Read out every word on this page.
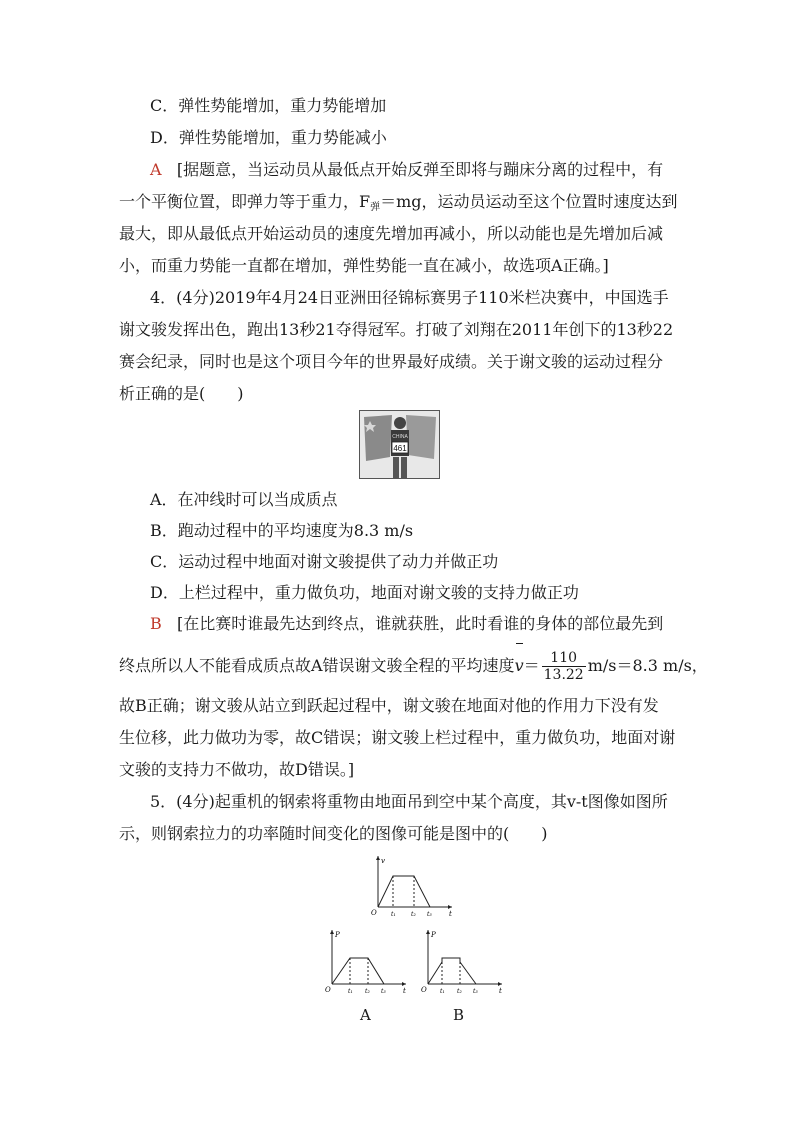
C．弹性势能增加，重力势能增加
D．弹性势能增加，重力势能减小
A [据题意，当运动员从最低点开始反弹至即将与蹦床分离的过程中，有
一个平衡位置，即弹力等于重力，$F_弹=mg$，运动员运动至这个位置时速度达到
最大，即从最低点开始运动员的速度先增加再减小，所以动能也是先增加后减
小，而重力势能一直都在增加，弹性势能一直在减小，故选项A正确。]
4．(4分)2019年4月24日亚洲田径锦标赛男子110米栏决赛中，中国选手
谢文骏发挥出色，跑出13秒21夺得冠军。打破了刘翔在2011年创下的13秒22
赛会纪录，同时也是这个项目今年的世界最好成绩。关于谢文骏的运动过程分
析正确的是(　　)
461
CHINA
A．在冲线时可以当成质点
B．跑动过程中的平均速度为8.3 m/s
C．运动过程中地面对谢文骏提供了动力并做正功
D．上栏过程中，重力做负功，地面对谢文骏的支持力做正功
B [在比赛时谁最先达到终点，谁就获胜，此时看谁的身体的部位最先到
终点所以人不能看成质点故A错误谢文骏全程的平均速度$v= \frac{110}{13.22} m/s=8.3$ m/s，
故B正确；谢文骏从站立到跃起过程中，谢文骏在地面对他的作用力下没有发
生位移，此力做功为零，故C错误；谢文骏上栏过程中，重力做负功，地面对谢
文骏的支持力不做功，故D错误。]
5．(4分)起重机的钢索将重物由地面吊到空中某个高度，其v-t图像如图所
示，则钢索拉力的功率随时间变化的图像可能是图中的(　　)
v
t
O t₁	t₂ t₃
P
t
O	t₁ t₂ t₃
P
t
O t₁ t₂ t₃
A	B
